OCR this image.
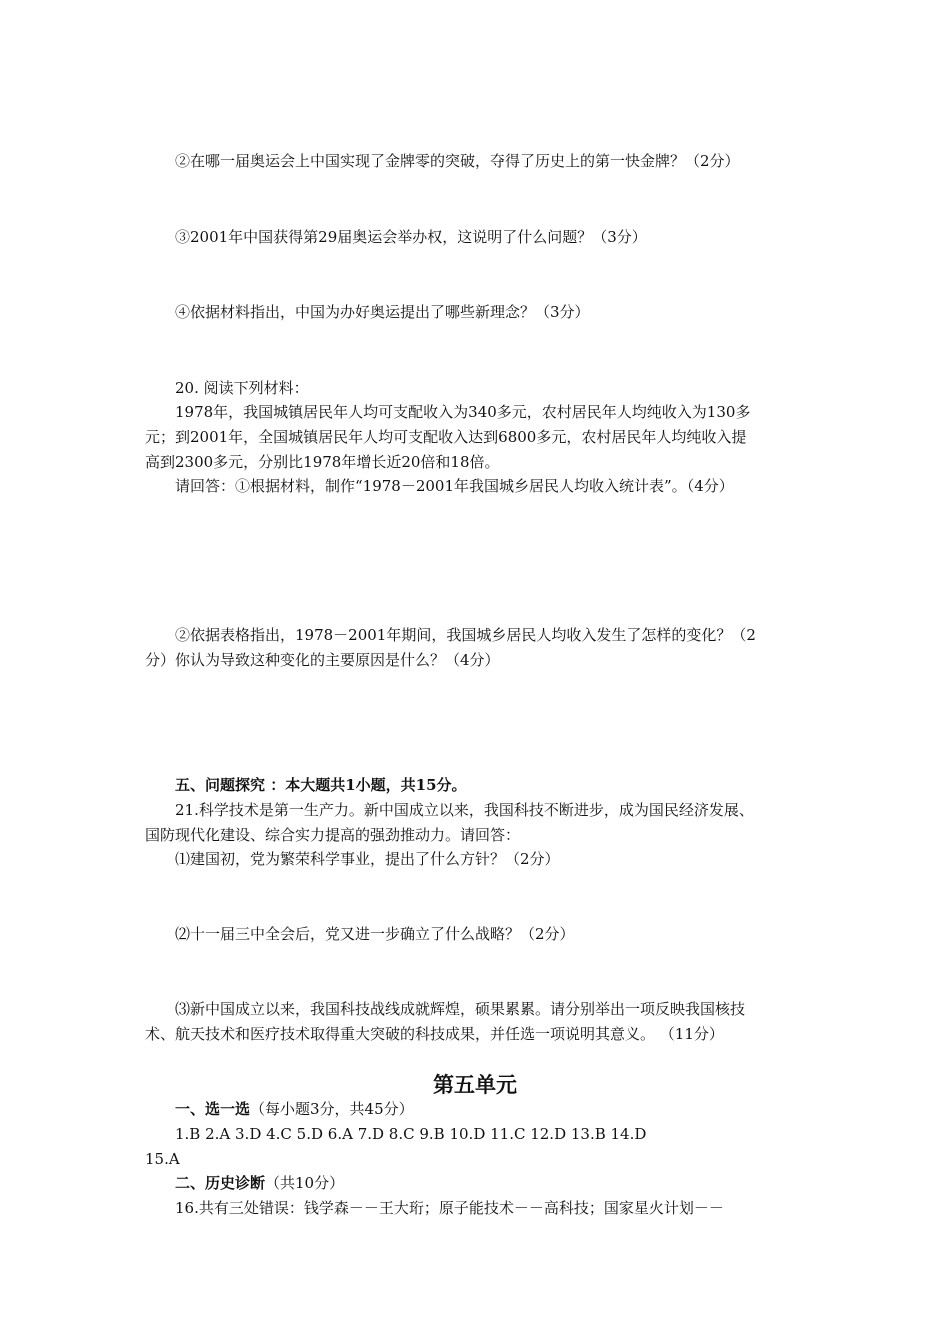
②在哪一届奥运会上中国实现了金牌零的突破，夺得了历史上的第一快金牌？（2分）
③2001年中国获得第29届奥运会举办权，这说明了什么问题？（3分）
④依据材料指出，中国为办好奥运提出了哪些新理念？（3分）
20. 阅读下列材料：
1978年，我国城镇居民年人均可支配收入为340多元，农村居民年人均纯收入为130多
元；到2001年，全国城镇居民年人均可支配收入达到6800多元，农村居民年人均纯收入提
高到2300多元，分别比1978年增长近20倍和18倍。
请回答：①根据材料，制作“1978－2001年我国城乡居民人均收入统计表”。（4分）
②依据表格指出，1978－2001年期间，我国城乡居民人均收入发生了怎样的变化？（2
分）你认为导致这种变化的主要原因是什么？（4分）
五、问题探究 ：本大题共1小题，共15分。
21.科学技术是第一生产力。新中国成立以来，我国科技不断进步，成为国民经济发展、
国防现代化建设、综合实力提高的强劲推动力。请回答：
⑴建国初，党为繁荣科学事业，提出了什么方针？（2分）
⑵十一届三中全会后，党又进一步确立了什么战略？（2分）
⑶新中国成立以来，我国科技战线成就辉煌，硕果累累。请分别举出一项反映我国核技
术、航天技术和医疗技术取得重大突破的科技成果，并任选一项说明其意义。 （11分）
第五单元
一、选一选（每小题3分，共45分）
1.B 2.A 3.D 4.C 5.D 6.A 7.D 8.C 9.B 10.D 11.C 12.D 13.B 14.D
15.A
二、历史诊断（共10分）
16.共有三处错误：钱学森－－王大珩；原子能技术－－高科技；国家星火计划－－
